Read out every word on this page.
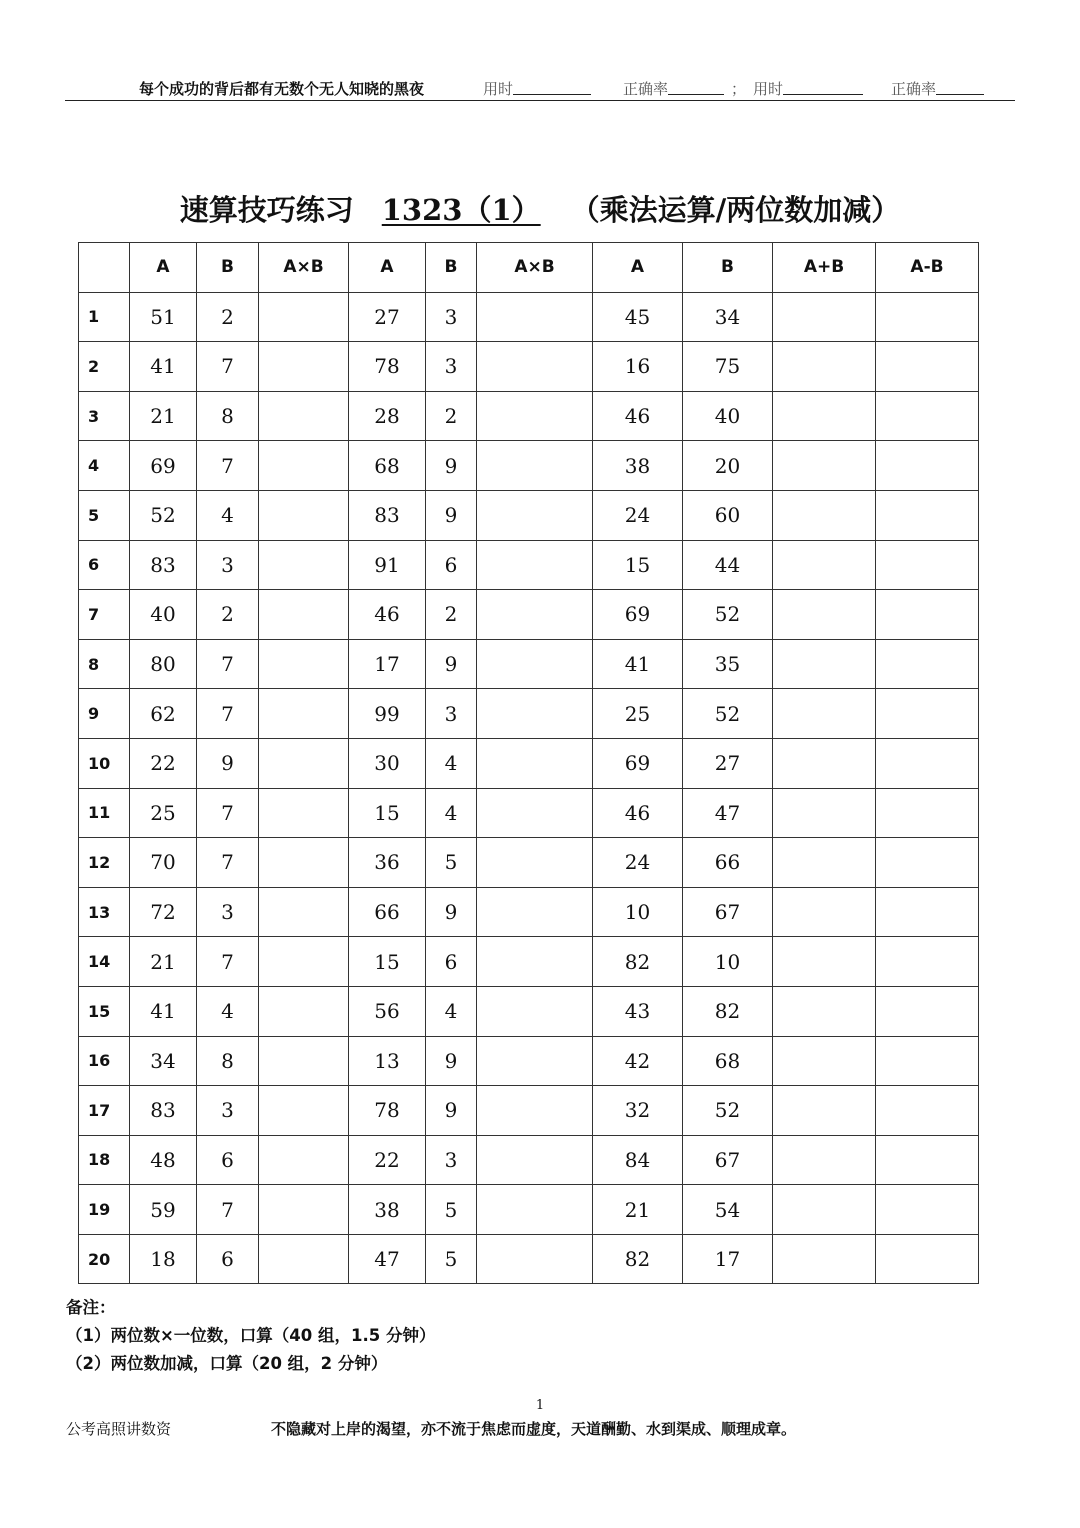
每个成功的背后都有无数个无人知晓的黑夜	用时	正确率	； 用时	正确率
速算技巧练习 1323（1） （乘法运算/两位数加减）
	A	B	A×B	A	B	A×B	A	B	A+B	A-B
1	51	2		27	3		45	34		
2	41	7		78	3		16	75		
3	21	8		28	2		46	40		
4	69	7		68	9		38	20		
5	52	4		83	9		24	60		
6	83	3		91	6		15	44		
7	40	2		46	2		69	52		
8	80	7		17	9		41	35		
9	62	7		99	3		25	52		
10	22	9		30	4		69	27		
11	25	7		15	4		46	47		
12	70	7		36	5		24	66		
13	72	3		66	9		10	67		
14	21	7		15	6		82	10		
15	41	4		56	4		43	82		
16	34	8		13	9		42	68		
17	83	3		78	9		32	52		
18	48	6		22	3		84	67		
19	59	7		38	5		21	54		
20	18	6		47	5		82	17		
备注：
（1）两位数×一位数，口算（40 组，1.5 分钟）
（2）两位数加减，口算（20 组，2 分钟）
1
公考高照讲数资	不隐藏对上岸的渴望，亦不流于焦虑而虚度，天道酬勤、水到渠成、顺理成章。
